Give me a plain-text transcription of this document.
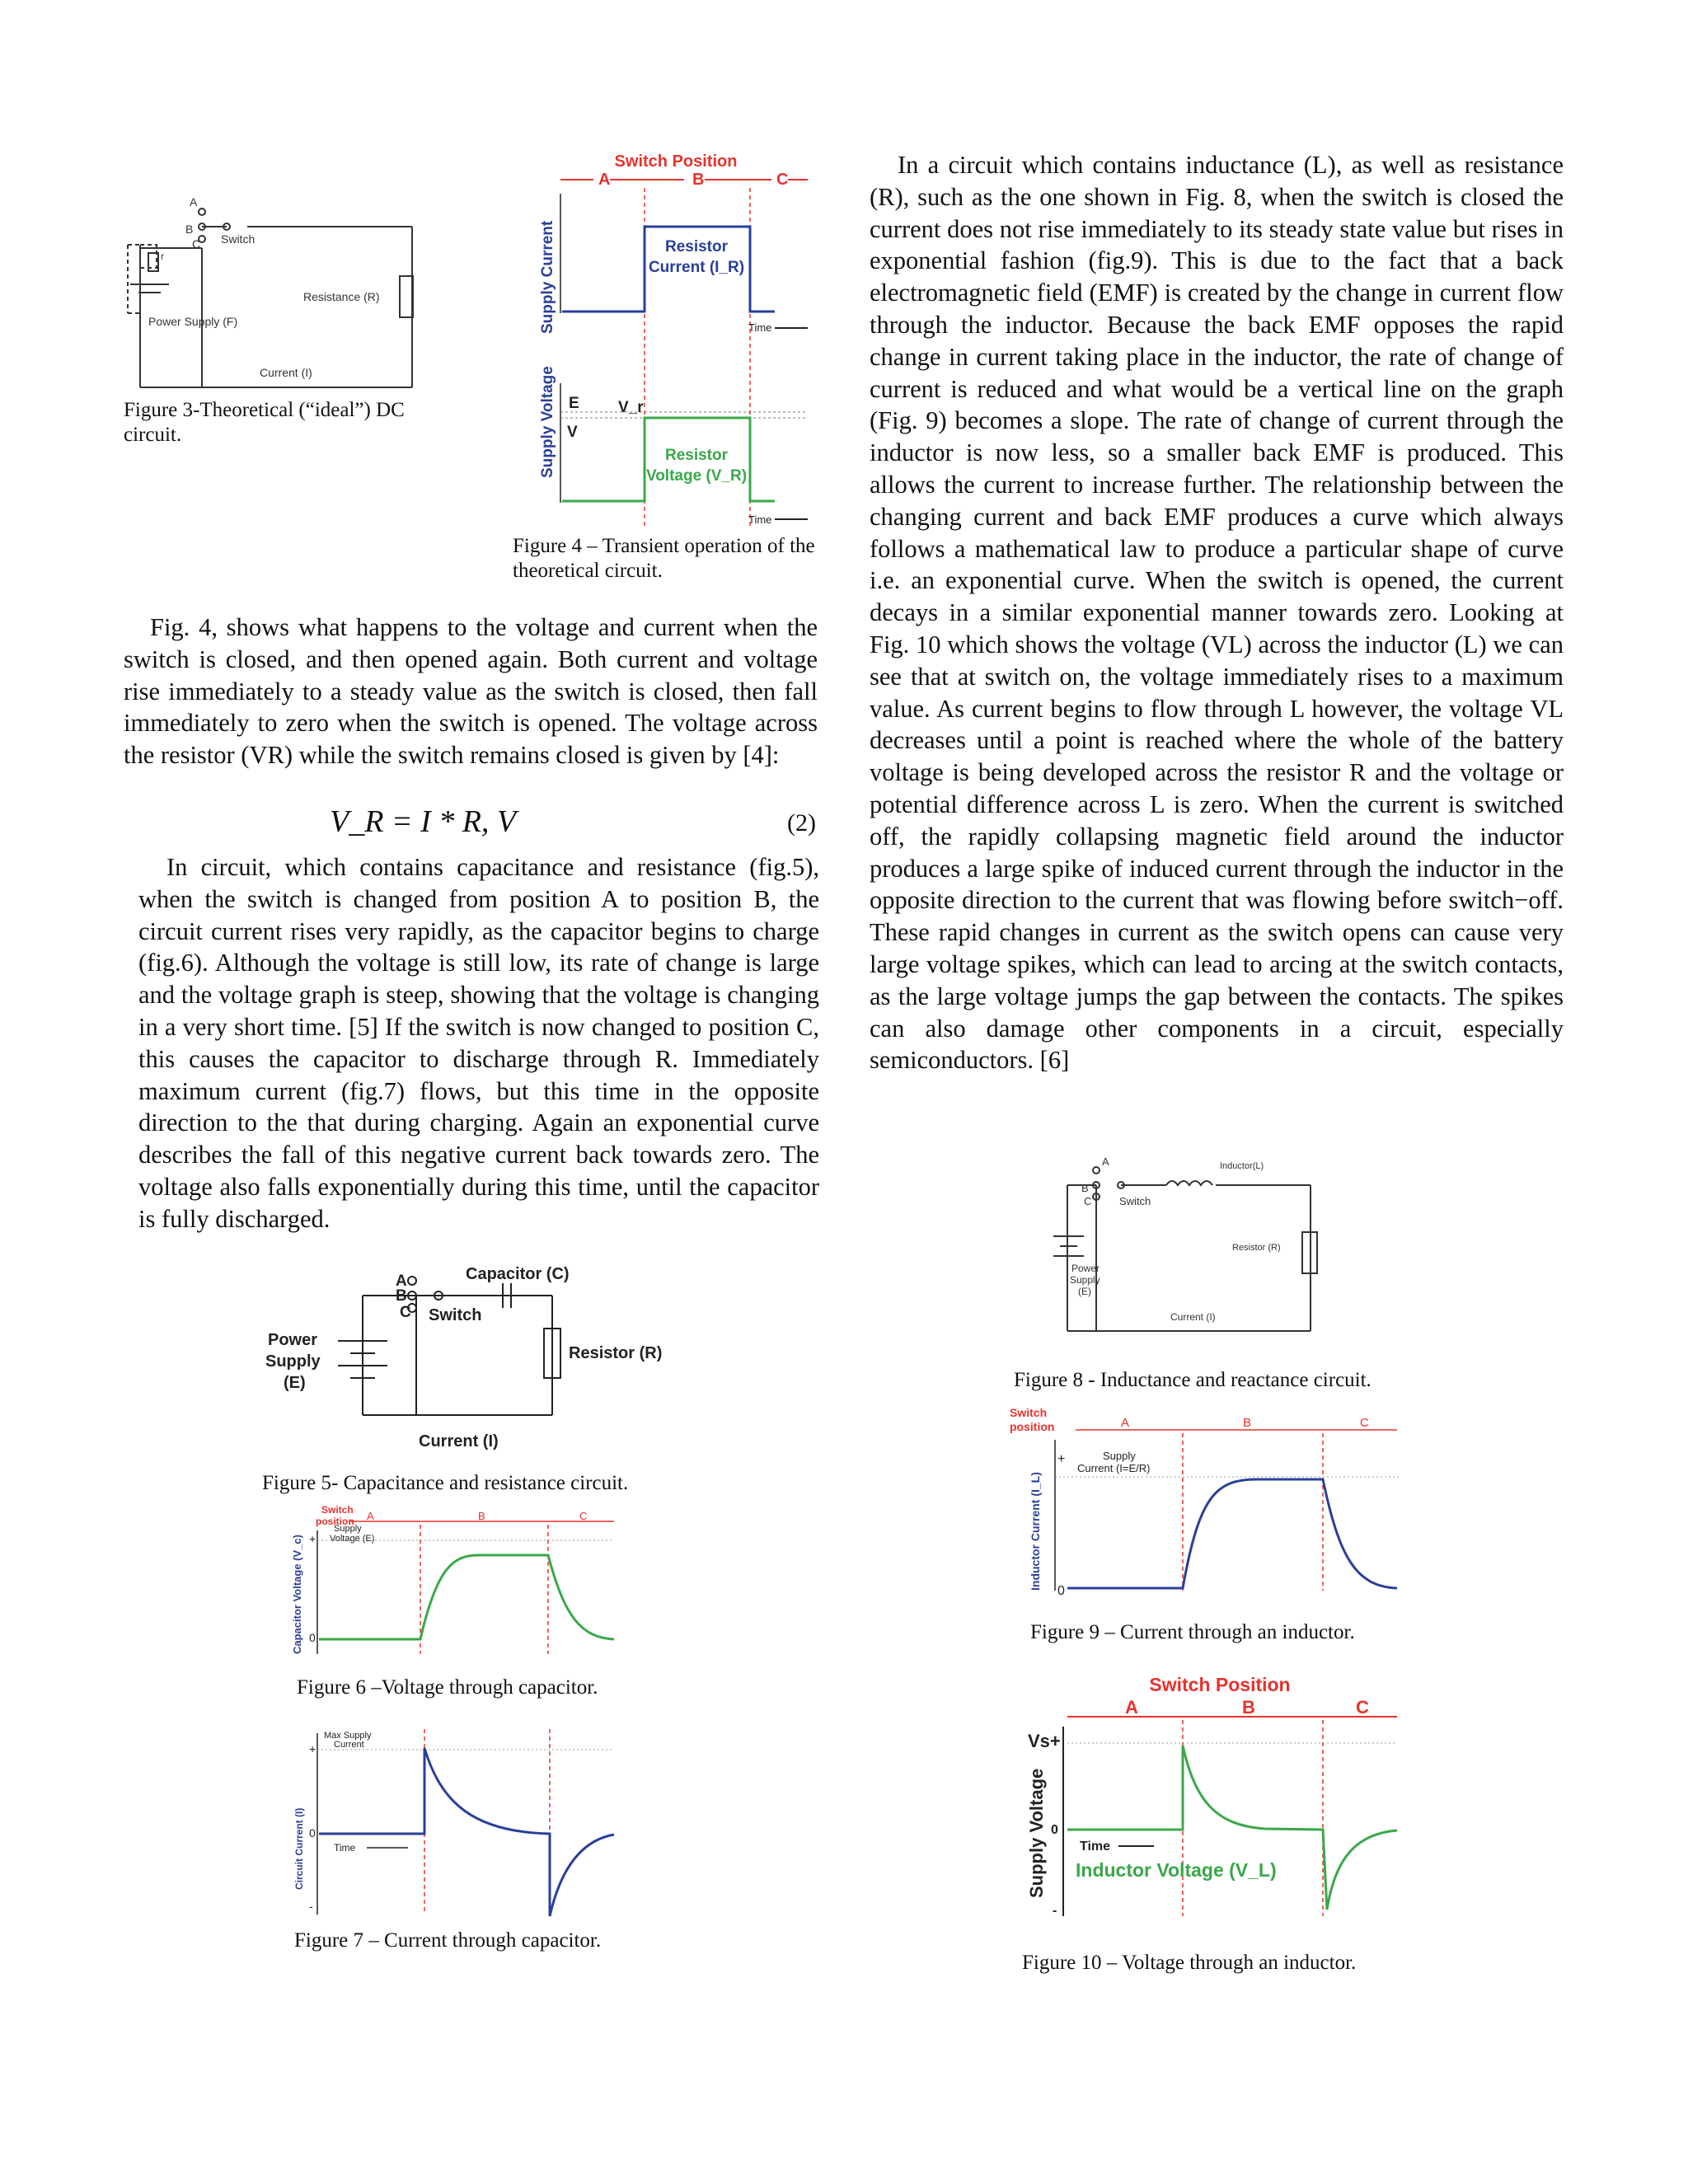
A
B
C Switch
Resistance (R)
Power Supply (F)
Current (I)
r
Figure 3-Theoretical (“ideal”) DC circuit.
Switch Position
A	B	C
Supply Current	Resistor
Current (I_R)
Time
Supply Voltage E
V
V_r
Resistor
Voltage (V_R)
Time
Figure 4 – Transient operation of the theoretical circuit.

Fig. 4, shows what happens to the voltage and current when the switch is closed, and then opened again. Both current and voltage rise immediately to a steady value as the switch is closed, then fall immediately to zero when the switch is opened. The voltage across the resistor (VR) while the switch remains closed is given by [4]:

V_R = I * R, V	(2)

In circuit, which contains capacitance and resistance (fig.5), when the switch is changed from position A to position B, the circuit current rises very rapidly, as the capacitor begins to charge (fig.6). Although the voltage is still low, its rate of change is large and the voltage graph is steep, showing that the voltage is changing in a very short time. [5] If the switch is now changed to position C, this causes the capacitor to discharge through R. Immediately maximum current (fig.7) flows, but this time in the opposite direction to the that during charging. Again an exponential curve describes the fall of this negative current back towards zero. The voltage also falls exponentially during this time, until the capacitor is fully discharged.

A
B
C
Capacitor (C)
Switch
Power
Supply
(E)
Resistor (R)
Current (I)
Figure 5- Capacitance and resistance circuit.
Switch
position A	B	C
Capacitor Voltage (V_c) +
0
Supply
Voltage (E)
Figure 6 –Voltage through capacitor.
Circuit Current (I)
+
0
-
Max Supply
Current
Time
Figure 7 – Current through capacitor.

In a circuit which contains inductance (L), as well as resistance (R), such as the one shown in Fig. 8, when the switch is closed the current does not rise immediately to its steady state value but rises in exponential fashion (fig.9). This is due to the fact that a back electromagnetic field (EMF) is created by the change in current flow through the inductor. Because the back EMF opposes the rapid change in current taking place in the inductor, the rate of change of current is reduced and what would be a vertical line on the graph (Fig. 9) becomes a slope. The rate of change of current through the inductor is now less, so a smaller back EMF is produced. This allows the current to increase further. The relationship between the changing current and back EMF produces a curve which always follows a mathematical law to produce a particular shape of curve i.e. an exponential curve. When the switch is opened, the current decays in a similar exponential manner towards zero. Looking at Fig. 10 which shows the voltage (VL) across the inductor (L) we can see that at switch on, the voltage immediately rises to a maximum value. As current begins to flow through L however, the voltage VL decreases until a point is reached where the whole of the battery voltage is being developed across the resistor R and the voltage or potential difference across L is zero. When the current is switched off, the rapidly collapsing magnetic field around the inductor produces a large spike of induced current through the inductor in the opposite direction to the current that was flowing before switch−off. These rapid changes in current as the switch opens can cause very large voltage spikes, which can lead to arcing at the switch contacts, as the large voltage jumps the gap between the contacts. The spikes can also damage other components in a circuit, especially semiconductors. [6]

A
B
C	Switch
Inductor(L)
Resistor (R)
Power
Supply
(E)
Current (I)
Figure 8 - Inductance and reactance circuit.
Switch
position	A	B	C
Inductor Current (I_L)
+
0
Supply
Current (I=E/R)
Figure 9 – Current through an inductor.
Switch Position
A	B	C
Vs+
Supply Voltage 0
-
Time
Inductor Voltage (V_L)
Figure 10 – Voltage through an inductor.
